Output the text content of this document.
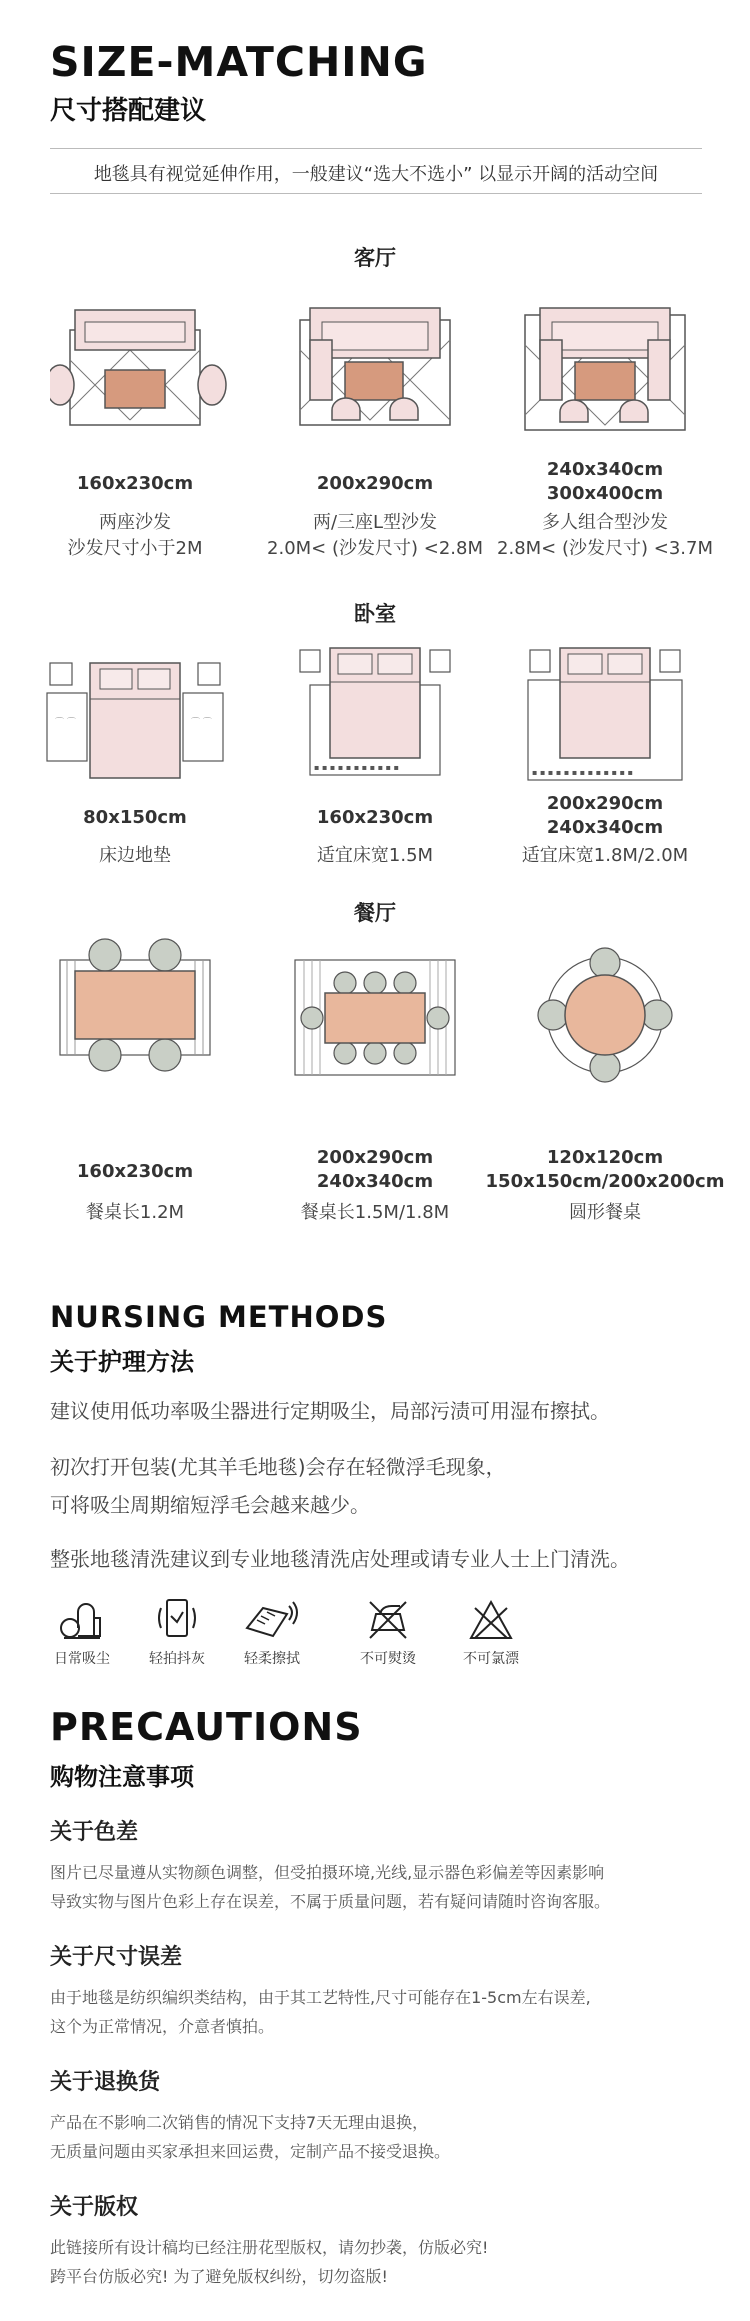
SIZE-MATCHING
尺寸搭配建议
地毯具有视觉延伸作用，一般建议“选大不选小” 以显示开阔的活动空间
客厅
160x230cm
两座沙发
沙发尺寸小于2M
200x290cm
两/三座L型沙发
2.0M< (沙发尺寸) <2.8M
240x340cm
300x400cm
多人组合型沙发
2.8M< (沙发尺寸) <3.7M
卧室
⌒ ⌒	⌒ ⌒
80x150cm
床边地垫
▪ ▪ ▪ ▪ ▪ ▪ ▪ ▪ ▪ ▪ ▪
160x230cm
适宜床宽1.5M
▪ ▪ ▪ ▪ ▪ ▪ ▪ ▪ ▪ ▪ ▪ ▪ ▪
200x290cm
240x340cm
适宜床宽1.8M/2.0M
餐厅
160x230cm
餐桌长1.2M
200x290cm
240x340cm
餐桌长1.5M/1.8M
120x120cm
150x150cm/200x200cm
圆形餐桌
NURSING METHODS
关于护理方法
建议使用低功率吸尘器进行定期吸尘，局部污渍可用湿布擦拭。
初次打开包装(尤其羊毛地毯)会存在轻微浮毛现象，
可将吸尘周期缩短浮毛会越来越少。
整张地毯清洗建议到专业地毯清洗店处理或请专业人士上门清洗。
日常吸尘	轻拍抖灰	轻柔擦拭	不可熨烫	不可氯漂
PRECAUTIONS
购物注意事项
关于色差
图片已尽量遵从实物颜色调整，但受拍摄环境,光线,显示器色彩偏差等因素影响
导致实物与图片色彩上存在误差，不属于质量问题，若有疑问请随时咨询客服。
关于尺寸误差
由于地毯是纺织编织类结构，由于其工艺特性,尺寸可能存在1-5cm左右误差,
这个为正常情况，介意者慎拍。
关于退换货
产品在不影响二次销售的情况下支持7天无理由退换，
无质量问题由买家承担来回运费，定制产品不接受退换。
关于版权
此链接所有设计稿均已经注册花型版权，请勿抄袭，仿版必究!
跨平台仿版必究! 为了避免版权纠纷，切勿盗版!
